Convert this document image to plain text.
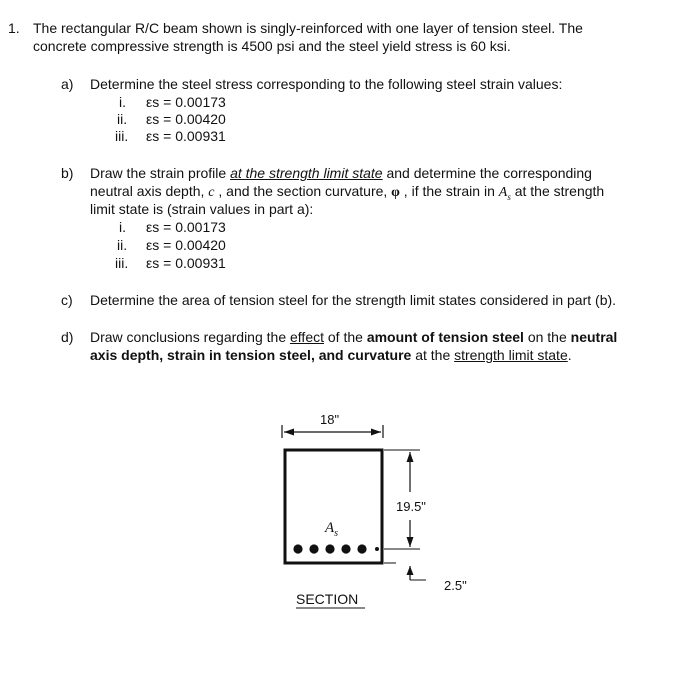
1. The rectangular R/C beam shown is singly-reinforced with one layer of tension steel. The
concrete compressive strength is 4500 psi and the steel yield stress is 60 ksi.
a) Determine the steel stress corresponding to the following steel strain values:
i. εs = 0.00173
ii. εs = 0.00420
iii. εs = 0.00931
b) Draw the strain profile at the strength limit state and determine the corresponding
neutral axis depth, c , and the section curvature, φ , if the strain in $A_s$ at the strength
limit state is (strain values in part a):
i. εs = 0.00173
ii. εs = 0.00420
iii. εs = 0.00931
c) Determine the area of tension steel for the strength limit states considered in part (b).
d) Draw conclusions regarding the effect of the amount of tension steel on the neutral
axis depth, strain in tension steel, and curvature at the strength limit state.
18"
19.5"
2.5"
$A_s$
SECTION
